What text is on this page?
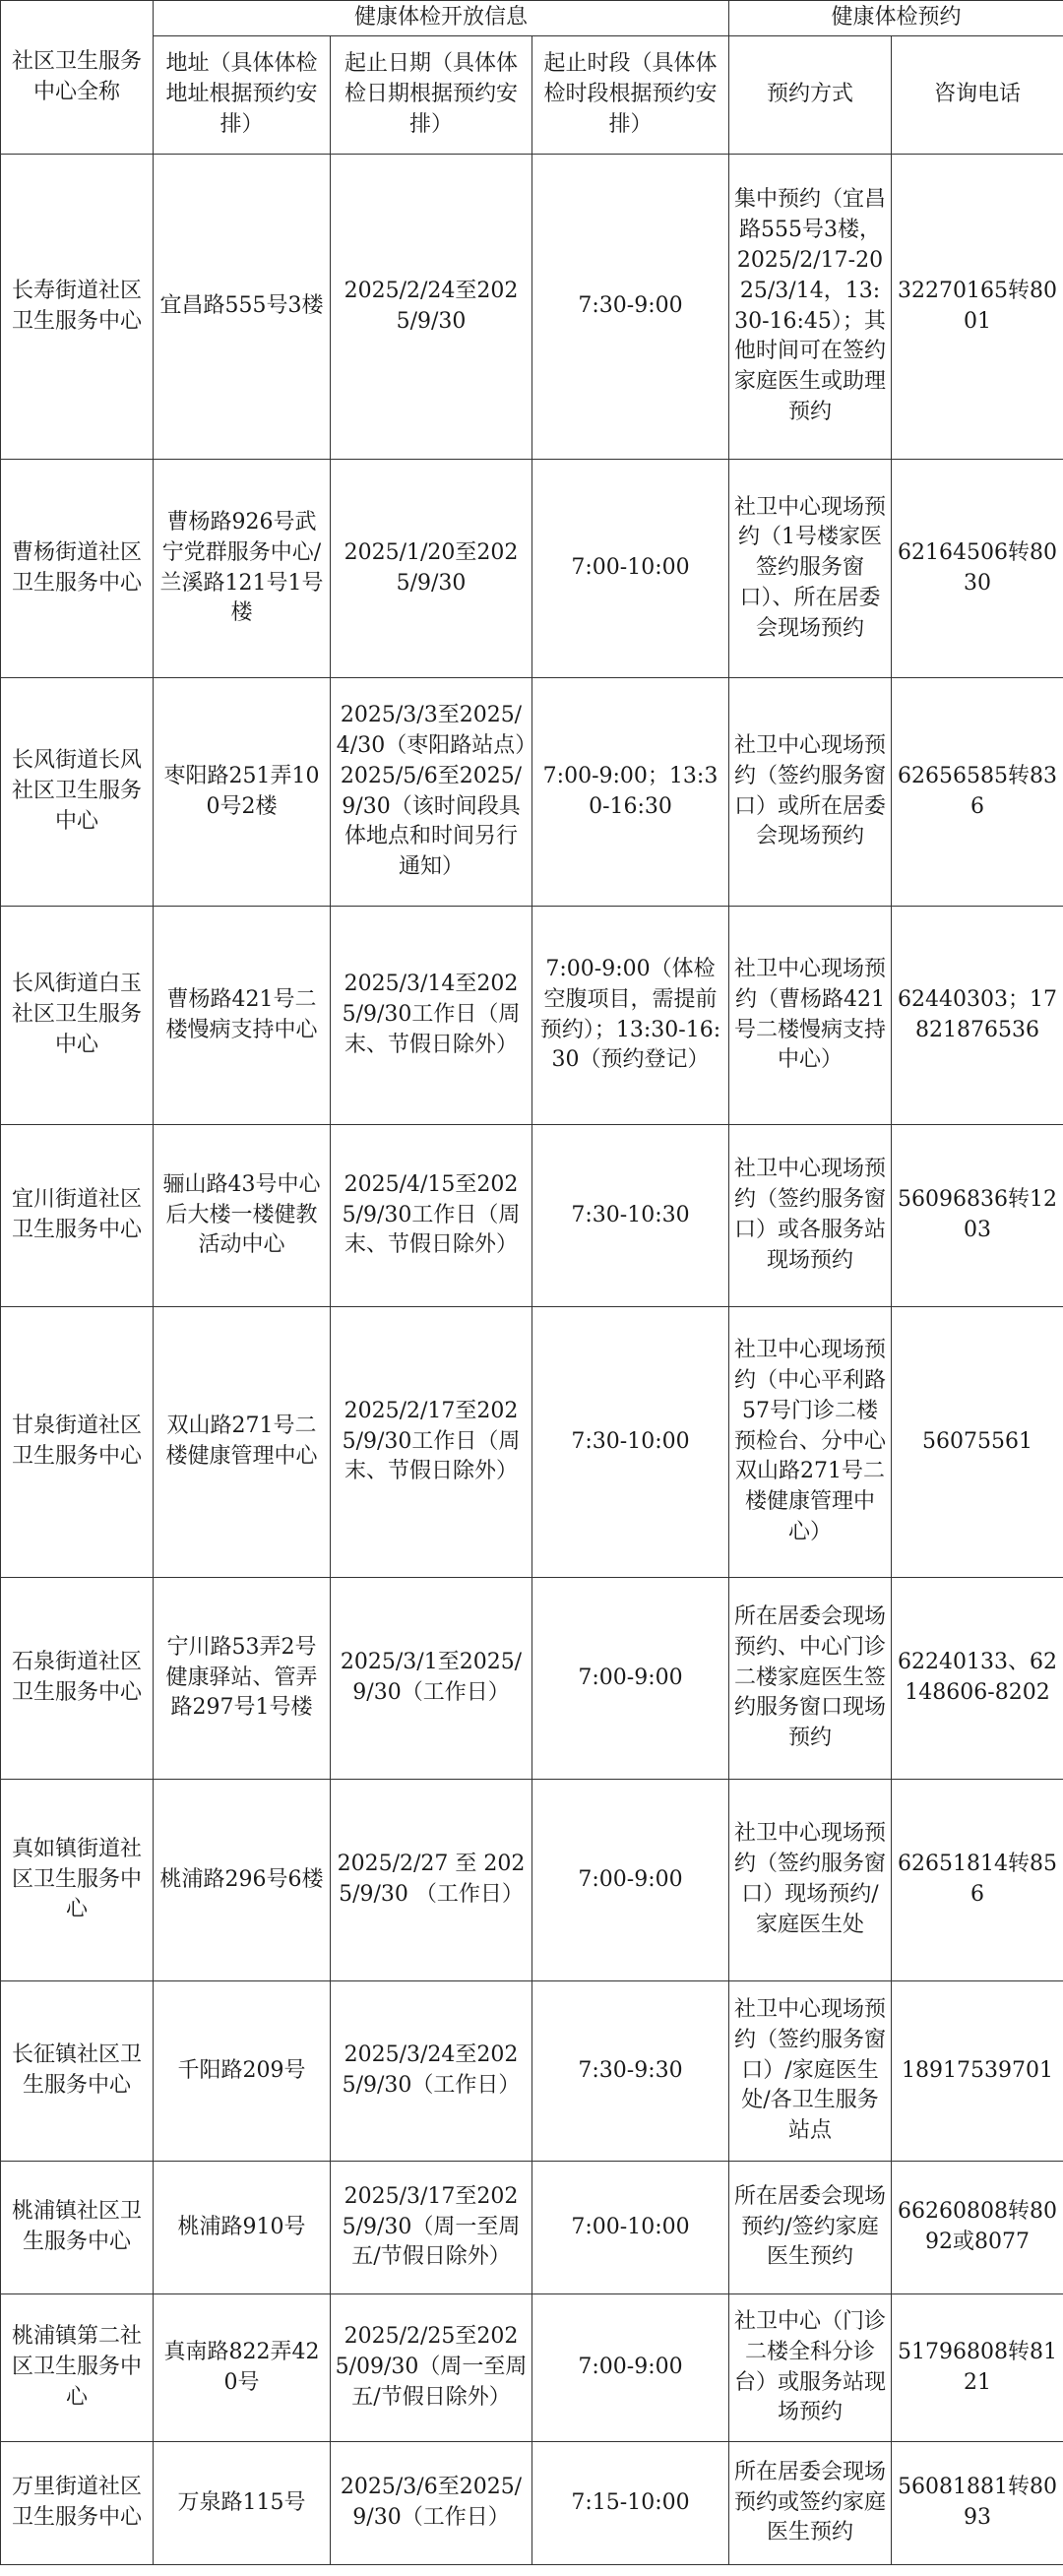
社区卫生服务中心全称	健康体检开放信息			健康体检预约	
	地址（具体体检地址根据预约安排）	起止日期（具体体检日期根据预约安排）	起止时段（具体体检时段根据预约安排）	预约方式	咨询电话
长寿街道社区卫生服务中心	宜昌路555号3楼	2025/2/24至2025/9/30	7:30-9:00	集中预约（宜昌路555号3楼，2025/2/17-2025/3/14，13:30-16:45）；其他时间可在签约家庭医生或助理预约	32270165转8001
曹杨街道社区卫生服务中心	曹杨路926号武宁党群服务中心/兰溪路121号1号楼	2025/1/20至2025/9/30	7:00-10:00	社卫中心现场预约（1号楼家医签约服务窗口）、所在居委会现场预约	62164506转8030
长风街道长风社区卫生服务中心	枣阳路251弄100号2楼	2025/3/3至2025/4/30（枣阳路站点）2025/5/6至2025/9/30（该时间段具体地点和时间另行通知）	7:00-9:00；13:30-16:30	社卫中心现场预约（签约服务窗口）或所在居委会现场预约	62656585转836
长风街道白玉社区卫生服务中心	曹杨路421号二楼慢病支持中心	2025/3/14至2025/9/30工作日（周末、节假日除外）	7:00-9:00（体检空腹项目，需提前预约）；13:30-16:30（预约登记）	社卫中心现场预约（曹杨路421号二楼慢病支持中心）	62440303；17821876536
宜川街道社区卫生服务中心	骊山路43号中心后大楼一楼健教活动中心	2025/4/15至2025/9/30工作日（周末、节假日除外）	7:30-10:30	社卫中心现场预约（签约服务窗口）或各服务站现场预约	56096836转1203
甘泉街道社区卫生服务中心	双山路271号二楼健康管理中心	2025/2/17至2025/9/30工作日（周末、节假日除外）	7:30-10:00	社卫中心现场预约（中心平利路57号门诊二楼预检台、分中心双山路271号二楼健康管理中心）	56075561
石泉街道社区卫生服务中心	宁川路53弄2号健康驿站、管弄路297号1号楼	2025/3/1至2025/9/30（工作日）	7:00-9:00	所在居委会现场预约、中心门诊二楼家庭医生签约服务窗口现场预约	62240133、62148606-8202
真如镇街道社区卫生服务中心	桃浦路296号6楼	2025/2/27 至 2025/9/30 （工作日）	7:00-9:00	社卫中心现场预约（签约服务窗口）现场预约/家庭医生处	62651814转856
长征镇社区卫生服务中心	千阳路209号	2025/3/24至2025/9/30（工作日）	7:30-9:30	社卫中心现场预约（签约服务窗口）/家庭医生处/各卫生服务站点	18917539701
桃浦镇社区卫生服务中心	桃浦路910号	2025/3/17至2025/9/30（周一至周五/节假日除外）	7:00-10:00	所在居委会现场预约/签约家庭医生预约	66260808转8092或8077
桃浦镇第二社区卫生服务中心	真南路822弄420号	2025/2/25至2025/09/30（周一至周五/节假日除外）	7:00-9:00	社卫中心（门诊二楼全科分诊台）或服务站现场预约	51796808转8121
万里街道社区卫生服务中心	万泉路115号	2025/3/6至2025/9/30（工作日）	7:15-10:00	所在居委会现场预约或签约家庭医生预约	56081881转8093
